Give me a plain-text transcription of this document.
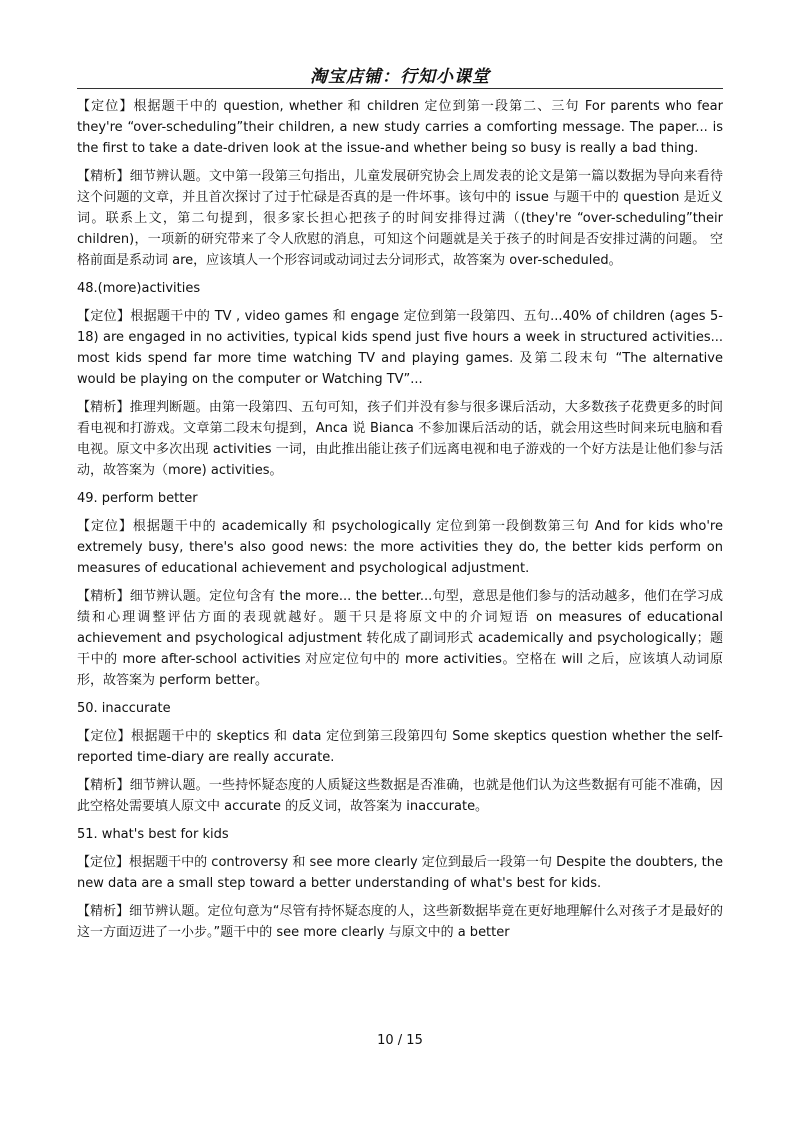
淘宝店铺：行知小课堂

【定位】根据题干中的 question, whether 和 children 定位到第一段第二、三句 For parents who fear they're “over-scheduling”their children, a new study carries a comforting message. The paper... is the first to take a date-driven look at the issue-and whether being so busy is really a bad thing.

【精析】细节辨认题。文中第一段第三句指出，儿童发展研究协会上周发表的论文是第一篇以数据为导向来看待这个问题的文章，并且首次探讨了过于忙碌是否真的是一件坏事。该句中的 issue 与题干中的 question 是近义词。联系上文，第二句提到，很多家长担心把孩子的时间安排得过满（(they're “over-scheduling”their children)，一项新的研究带来了令人欣慰的消息，可知这个问题就是关于孩子的时间是否安排过满的问题。 空格前面是系动词 are，应该填人一个形容词或动词过去分词形式，故答案为 over-scheduled。

48.(more)activities

【定位】根据题干中的 TV , video games 和 engage 定位到第一段第四、五句...40% of children (ages 5-18) are engaged in no activities, typical kids spend just five hours a week in structured activities... most kids spend far more time watching TV and playing games. 及第二段末句 “The alternative would be playing on the computer or Watching TV”...

【精析】推理判断题。由第一段第四、五句可知，孩子们并没有参与很多课后活动，大多数孩子花费更多的时间看电视和打游戏。文章第二段末句提到，Anca 说 Bianca 不参加课后活动的话，就会用这些时间来玩电脑和看电视。原文中多次出现 activities 一词，由此推出能让孩子们远离电视和电子游戏的一个好方法是让他们参与活动，故答案为（more) activities。

49. perform better

【定位】根据题干中的 academically 和 psychologically 定位到第一段倒数第三句 And for kids who're extremely busy, there's also good news: the more activities they do, the better kids perform on measures of educational achievement and psychological adjustment.

【精析】细节辨认题。定位句含有 the more... the better...句型，意思是他们参与的活动越多，他们在学习成绩和心理调整评估方面的表现就越好。题干只是将原文中的介词短语 on measures of educational achievement and psychological adjustment 转化成了副词形式 academically and psychologically；题干中的 more after-school activities 对应定位句中的 more activities。空格在 will 之后，应该填人动词原形，故答案为 perform better。

50. inaccurate

【定位】根据题干中的 skeptics 和 data 定位到第三段第四句 Some skeptics question whether the self- reported time-diary are really accurate.

【精析】细节辨认题。一些持怀疑态度的人质疑这些数据是否准确，也就是他们认为这些数据有可能不准确，因此空格处需要填人原文中 accurate 的反义词，故答案为 inaccurate。

51. what's best for kids

【定位】根据题干中的 controversy 和 see more clearly 定位到最后一段第一句 Despite the doubters, the new data are a small step toward a better understanding of what's best for kids.

【精析】细节辨认题。定位句意为“尽管有持怀疑态度的人，这些新数据毕竟在更好地理解什么对孩子才是最好的这一方面迈进了一小步。”题干中的 see more clearly 与原文中的 a better

10 / 15
